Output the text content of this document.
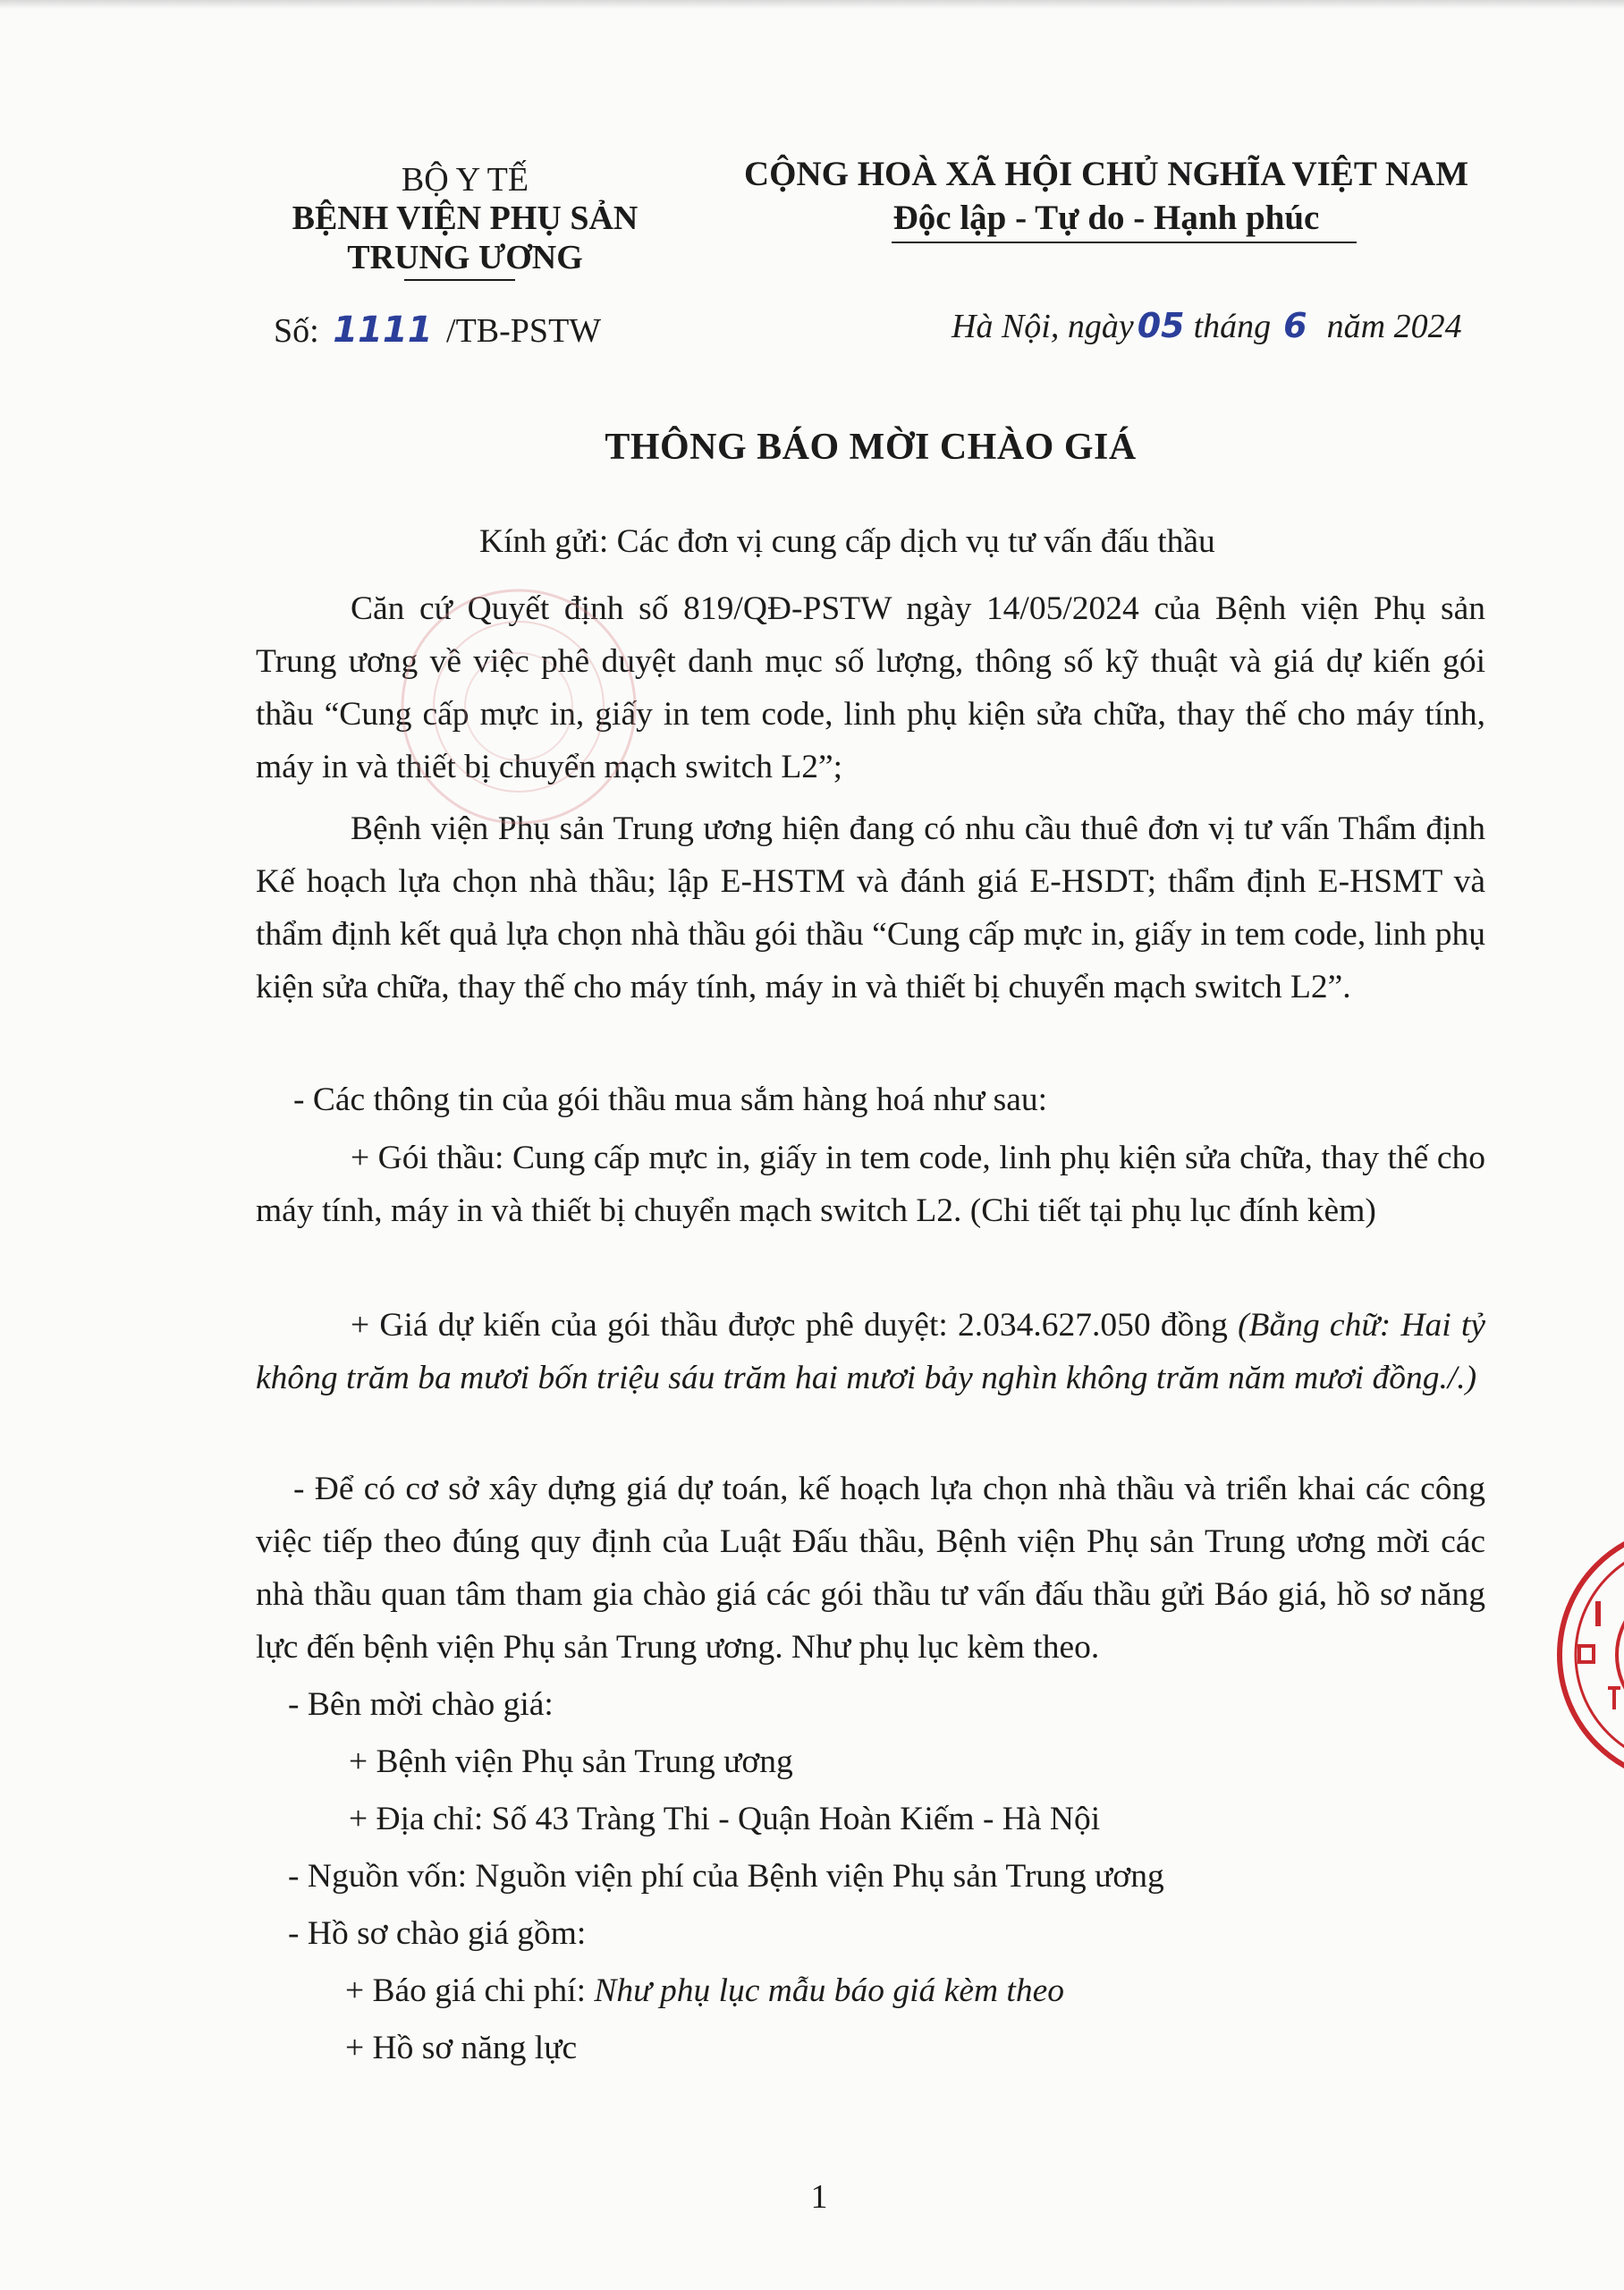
BỘ Y TẾ
BỆNH VIỆN PHỤ SẢN
TRUNG ƯƠNG
CỘNG HOÀ XÃ HỘI CHỦ NGHĨA VIỆT NAM
Độc lập - Tự do - Hạnh phúc
Số: 1111 /TB-PSTW	Hà Nội, ngày 05 tháng 6 năm 2024
THÔNG BÁO MỜI CHÀO GIÁ
Kính gửi: Các đơn vị cung cấp dịch vụ tư vấn đấu thầu
Căn cứ Quyết định số 819/QĐ-PSTW ngày 14/05/2024 của Bệnh viện Phụ sản Trung ương về việc phê duyệt danh mục số lượng, thông số kỹ thuật và giá dự kiến gói thầu “Cung cấp mực in, giấy in tem code, linh phụ kiện sửa chữa, thay thế cho máy tính, máy in và thiết bị chuyển mạch switch L2”;
Bệnh viện Phụ sản Trung ương hiện đang có nhu cầu thuê đơn vị tư vấn Thẩm định Kế hoạch lựa chọn nhà thầu; lập E-HSTM và đánh giá E-HSDT; thẩm định E-HSMT và thẩm định kết quả lựa chọn nhà thầu gói thầu “Cung cấp mực in, giấy in tem code, linh phụ kiện sửa chữa, thay thế cho máy tính, máy in và thiết bị chuyển mạch switch L2”.
- Các thông tin của gói thầu mua sắm hàng hoá như sau:
+ Gói thầu: Cung cấp mực in, giấy in tem code, linh phụ kiện sửa chữa, thay thế cho máy tính, máy in và thiết bị chuyển mạch switch L2. (Chi tiết tại phụ lục đính kèm)
+ Giá dự kiến của gói thầu được phê duyệt: 2.034.627.050 đồng (Bằng chữ: Hai tỷ không trăm ba mươi bốn triệu sáu trăm hai mươi bảy nghìn không trăm năm mươi đồng./.)
- Để có cơ sở xây dựng giá dự toán, kế hoạch lựa chọn nhà thầu và triển khai các công việc tiếp theo đúng quy định của Luật Đấu thầu, Bệnh viện Phụ sản Trung ương mời các nhà thầu quan tâm tham gia chào giá các gói thầu tư vấn đấu thầu gửi Báo giá, hồ sơ năng lực đến bệnh viện Phụ sản Trung ương. Như phụ lục kèm theo.
- Bên mời chào giá:
+ Bệnh viện Phụ sản Trung ương
+ Địa chỉ: Số 43 Tràng Thi - Quận Hoàn Kiếm - Hà Nội
- Nguồn vốn: Nguồn viện phí của Bệnh viện Phụ sản Trung ương
- Hồ sơ chào giá gồm:
+ Báo giá chi phí: Như phụ lục mẫu báo giá kèm theo
+ Hồ sơ năng lực
1
